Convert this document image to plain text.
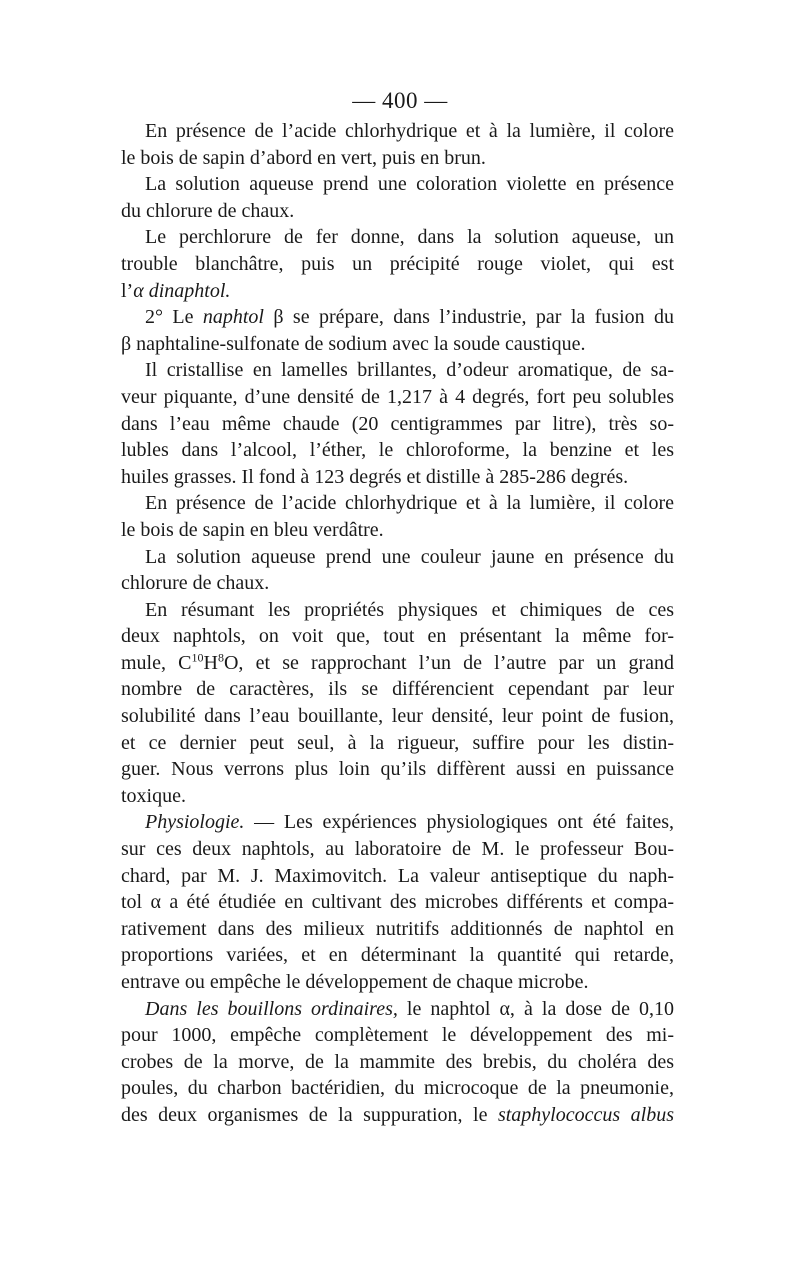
— 400 —
En présence de l’acide chlorhydrique et à la lumière, il colore
le bois de sapin d’abord en vert, puis en brun.
La solution aqueuse prend une coloration violette en présence
du chlorure de chaux.
Le perchlorure de fer donne, dans la solution aqueuse, un
trouble blanchâtre, puis un précipité rouge violet, qui est
l’α dinaphtol.
2° Le naphtol β se prépare, dans l’industrie, par la fusion du
β naphtaline-sulfonate de sodium avec la soude caustique.
Il cristallise en lamelles brillantes, d’odeur aromatique, de sa-
veur piquante, d’une densité de 1,217 à 4 degrés, fort peu solubles
dans l’eau même chaude (20 centigrammes par litre), très so-
lubles dans l’alcool, l’éther, le chloroforme, la benzine et les
huiles grasses. Il fond à 123 degrés et distille à 285-286 degrés.
En présence de l’acide chlorhydrique et à la lumière, il colore
le bois de sapin en bleu verdâtre.
La solution aqueuse prend une couleur jaune en présence du
chlorure de chaux.
En résumant les propriétés physiques et chimiques de ces
deux naphtols, on voit que, tout en présentant la même for-
mule, $C^{10}H^8O$, et se rapprochant l’un de l’autre par un grand
nombre de caractères, ils se différencient cependant par leur
solubilité dans l’eau bouillante, leur densité, leur point de fusion,
et ce dernier peut seul, à la rigueur, suffire pour les distin-
guer. Nous verrons plus loin qu’ils diffèrent aussi en puissance
toxique.
Physiologie. — Les expériences physiologiques ont été faites,
sur ces deux naphtols, au laboratoire de M. le professeur Bou-
chard, par M. J. Maximovitch. La valeur antiseptique du naph-
tol α a été étudiée en cultivant des microbes différents et compa-
rativement dans des milieux nutritifs additionnés de naphtol en
proportions variées, et en déterminant la quantité qui retarde,
entrave ou empêche le développement de chaque microbe.
Dans les bouillons ordinaires, le naphtol α, à la dose de 0,10
pour 1000, empêche complètement le développement des mi-
crobes de la morve, de la mammite des brebis, du choléra des
poules, du charbon bactéridien, du microcoque de la pneumonie,
des deux organismes de la suppuration, le staphylococcus albus
